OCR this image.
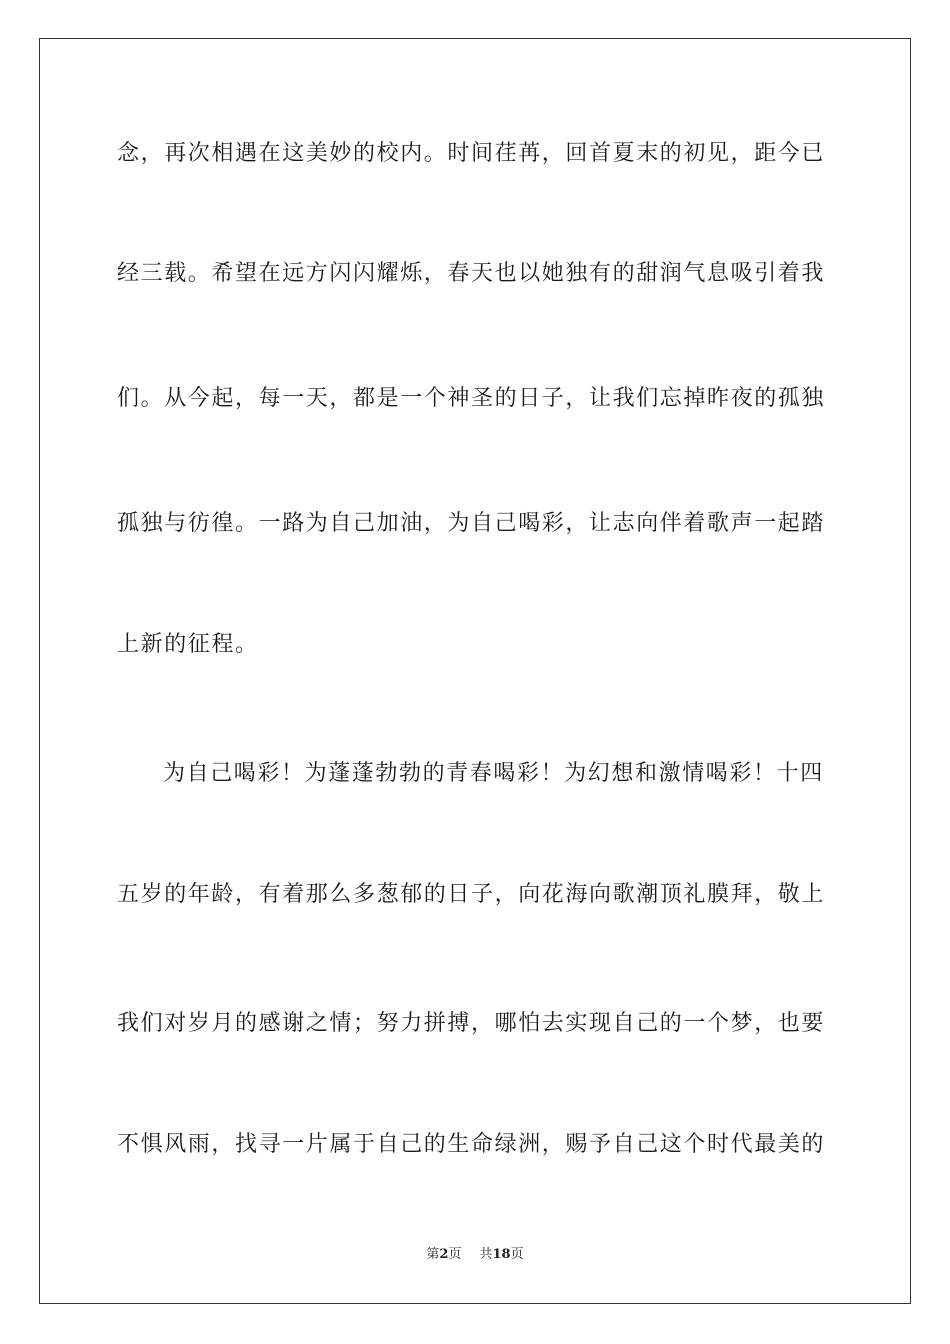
念，再次相遇在这美妙的校内。时间荏苒，回首夏末的初见，距今已
经三载。希望在远方闪闪耀烁，春天也以她独有的甜润气息吸引着我
们。从今起，每一天，都是一个神圣的日子，让我们忘掉昨夜的孤独
孤独与彷徨。一路为自己加油，为自己喝彩，让志向伴着歌声一起踏
上新的征程。
为自己喝彩！为蓬蓬勃勃的青春喝彩！为幻想和激情喝彩！十四
五岁的年龄，有着那么多葱郁的日子，向花海向歌潮顶礼膜拜，敬上
我们对岁月的感谢之情；努力拼搏，哪怕去实现自己的一个梦，也要
不惧风雨，找寻一片属于自己的生命绿洲，赐予自己这个时代最美的
第2页 共18页
